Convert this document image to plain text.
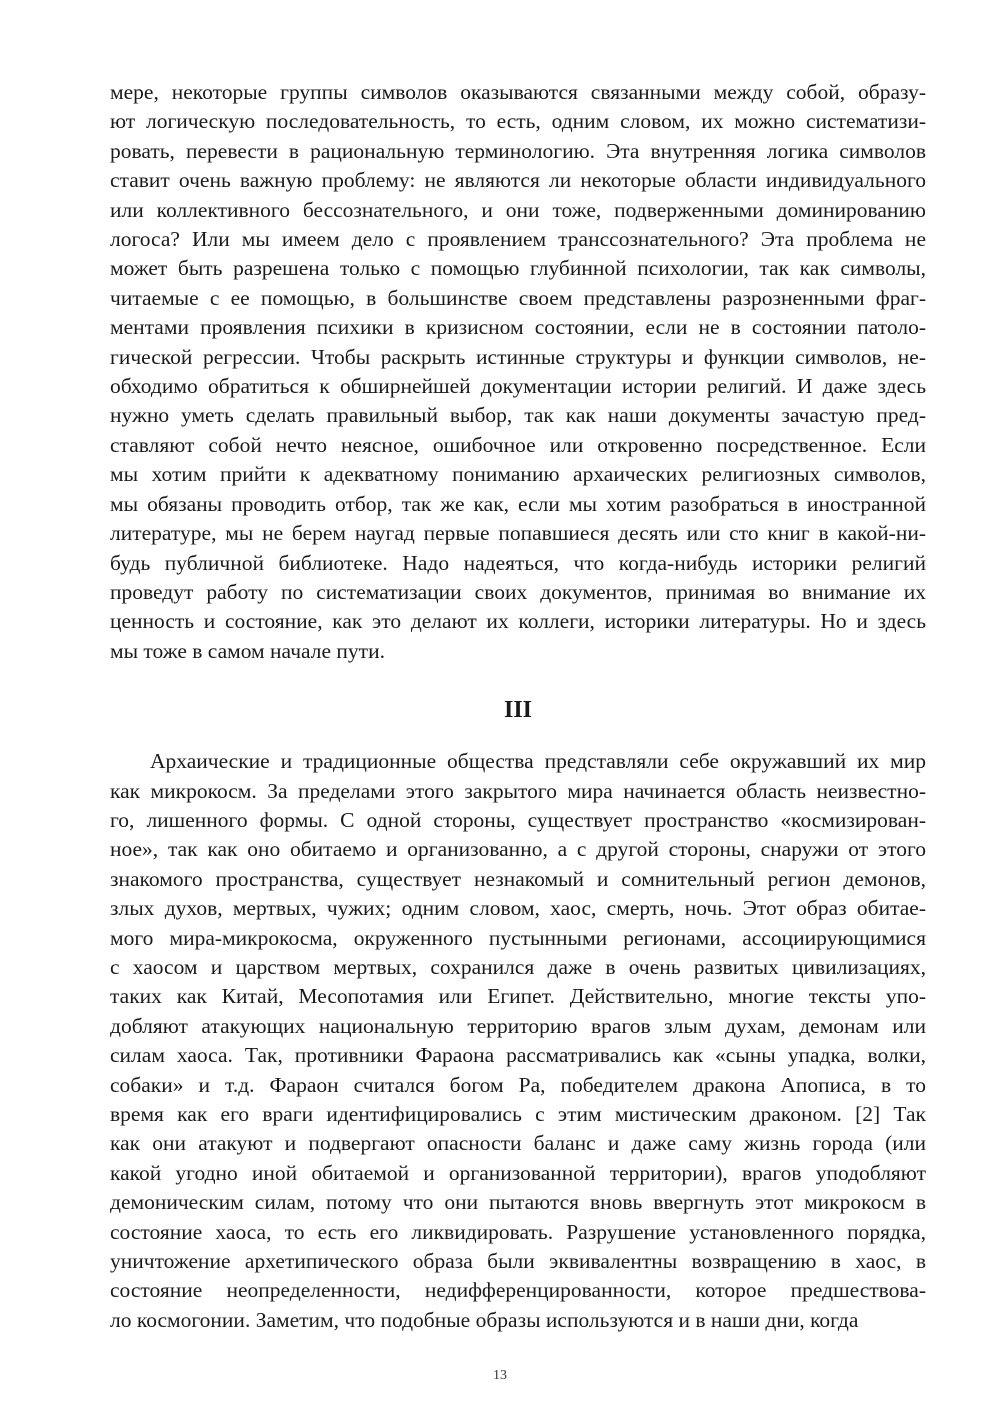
мере, некоторые группы символов оказываются связанными между собой, образу-
ют логическую последовательность, то есть, одним словом, их можно систематизи-
ровать, перевести в рациональную терминологию. Эта внутренняя логика символов
ставит очень важную проблему: не являются ли некоторые области индивидуального
или коллективного бессознательного, и они тоже, подверженными доминированию
логоса? Или мы имеем дело с проявлением транссознательного? Эта проблема не
может быть разрешена только с помощью глубинной психологии, так как символы,
читаемые с ее помощью, в большинстве своем представлены разрозненными фраг-
ментами проявления психики в кризисном состоянии, если не в состоянии патоло-
гической регрессии. Чтобы раскрыть истинные структуры и функции символов, не-
обходимо обратиться к обширнейшей документации истории религий. И даже здесь
нужно уметь сделать правильный выбор, так как наши документы зачастую пред-
ставляют собой нечто неясное, ошибочное или откровенно посредственное. Если
мы хотим прийти к адекватному пониманию архаических религиозных символов,
мы обязаны проводить отбор, так же как, если мы хотим разобраться в иностранной
литературе, мы не берем наугад первые попавшиеся десять или сто книг в какой-ни-
будь публичной библиотеке. Надо надеяться, что когда-нибудь историки религий
проведут работу по систематизации своих документов, принимая во внимание их
ценность и состояние, как это делают их коллеги, историки литературы. Но и здесь
мы тоже в самом начале пути.
III
Архаические и традиционные общества представляли себе окружавший их мир
как микрокосм. За пределами этого закрытого мира начинается область неизвестно-
го, лишенного формы. С одной стороны, существует пространство «космизирован-
ное», так как оно обитаемо и организованно, а с другой стороны, снаружи от этого
знакомого пространства, существует незнакомый и сомнительный регион демонов,
злых духов, мертвых, чужих; одним словом, хаос, смерть, ночь. Этот образ обитае-
мого мира-микрокосма, окруженного пустынными регионами, ассоциирующимися
с хаосом и царством мертвых, сохранился даже в очень развитых цивилизациях,
таких как Китай, Месопотамия или Египет. Действительно, многие тексты упо-
добляют атакующих национальную территорию врагов злым духам, демонам или
силам хаоса. Так, противники Фараона рассматривались как «сыны упадка, волки,
собаки» и т.д. Фараон считался богом Ра, победителем дракона Апописа, в то
время как его враги идентифицировались с этим мистическим драконом. [2] Так
как они атакуют и подвергают опасности баланс и даже саму жизнь города (или
какой угодно иной обитаемой и организованной территории), врагов уподобляют
демоническим силам, потому что они пытаются вновь ввергнуть этот микрокосм в
состояние хаоса, то есть его ликвидировать. Разрушение установленного порядка,
уничтожение архетипического образа были эквивалентны возвращению в хаос, в
состояние неопределенности, недифференцированности, которое предшествова-
ло космогонии. Заметим, что подобные образы используются и в наши дни, когда
13
